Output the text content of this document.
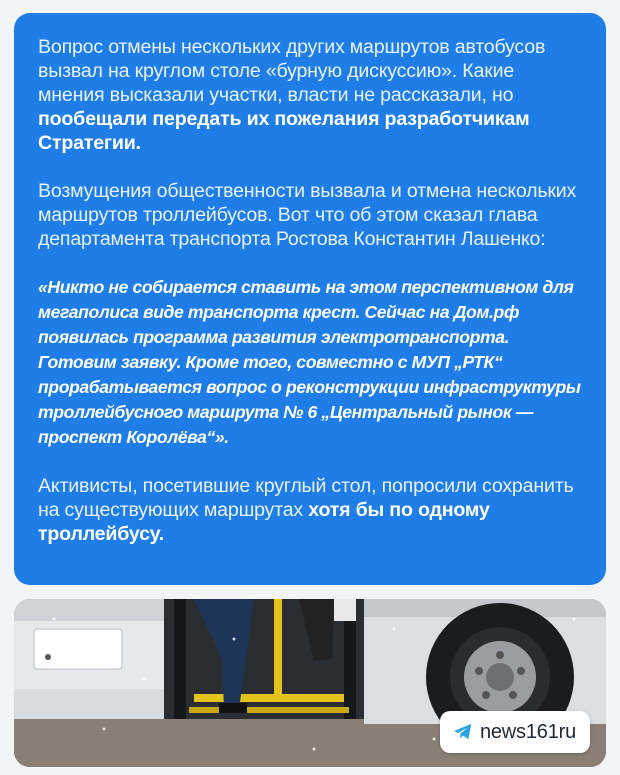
Вопрос отмены нескольких других маршрутов автобусов вызвал на круглом столе «бурную дискуссию». Какие мнения высказали участки, власти не рассказали, но пообещали передать их пожелания разработчикам Стратегии.

Возмущения общественности вызвала и отмена нескольких маршрутов троллейбусов. Вот что об этом сказал глава департамента транспорта Ростова Константин Лашенко:

«Никто не собирается ставить на этом перспективном для мегаполиса виде транспорта крест. Сейчас на Дом.рф появилась программа развития электротранспорта. Готовим заявку. Кроме того, совместно с МУП „РТК“ прорабатывается вопрос о реконструкции инфраструктуры троллейбусного маршрута № 6 „Центральный рынок — проспект Королёва“».

Активисты, посетившие круглый стол, попросили сохранить на существующих маршрутах хотя бы по одному троллейбусу.

news161ru
